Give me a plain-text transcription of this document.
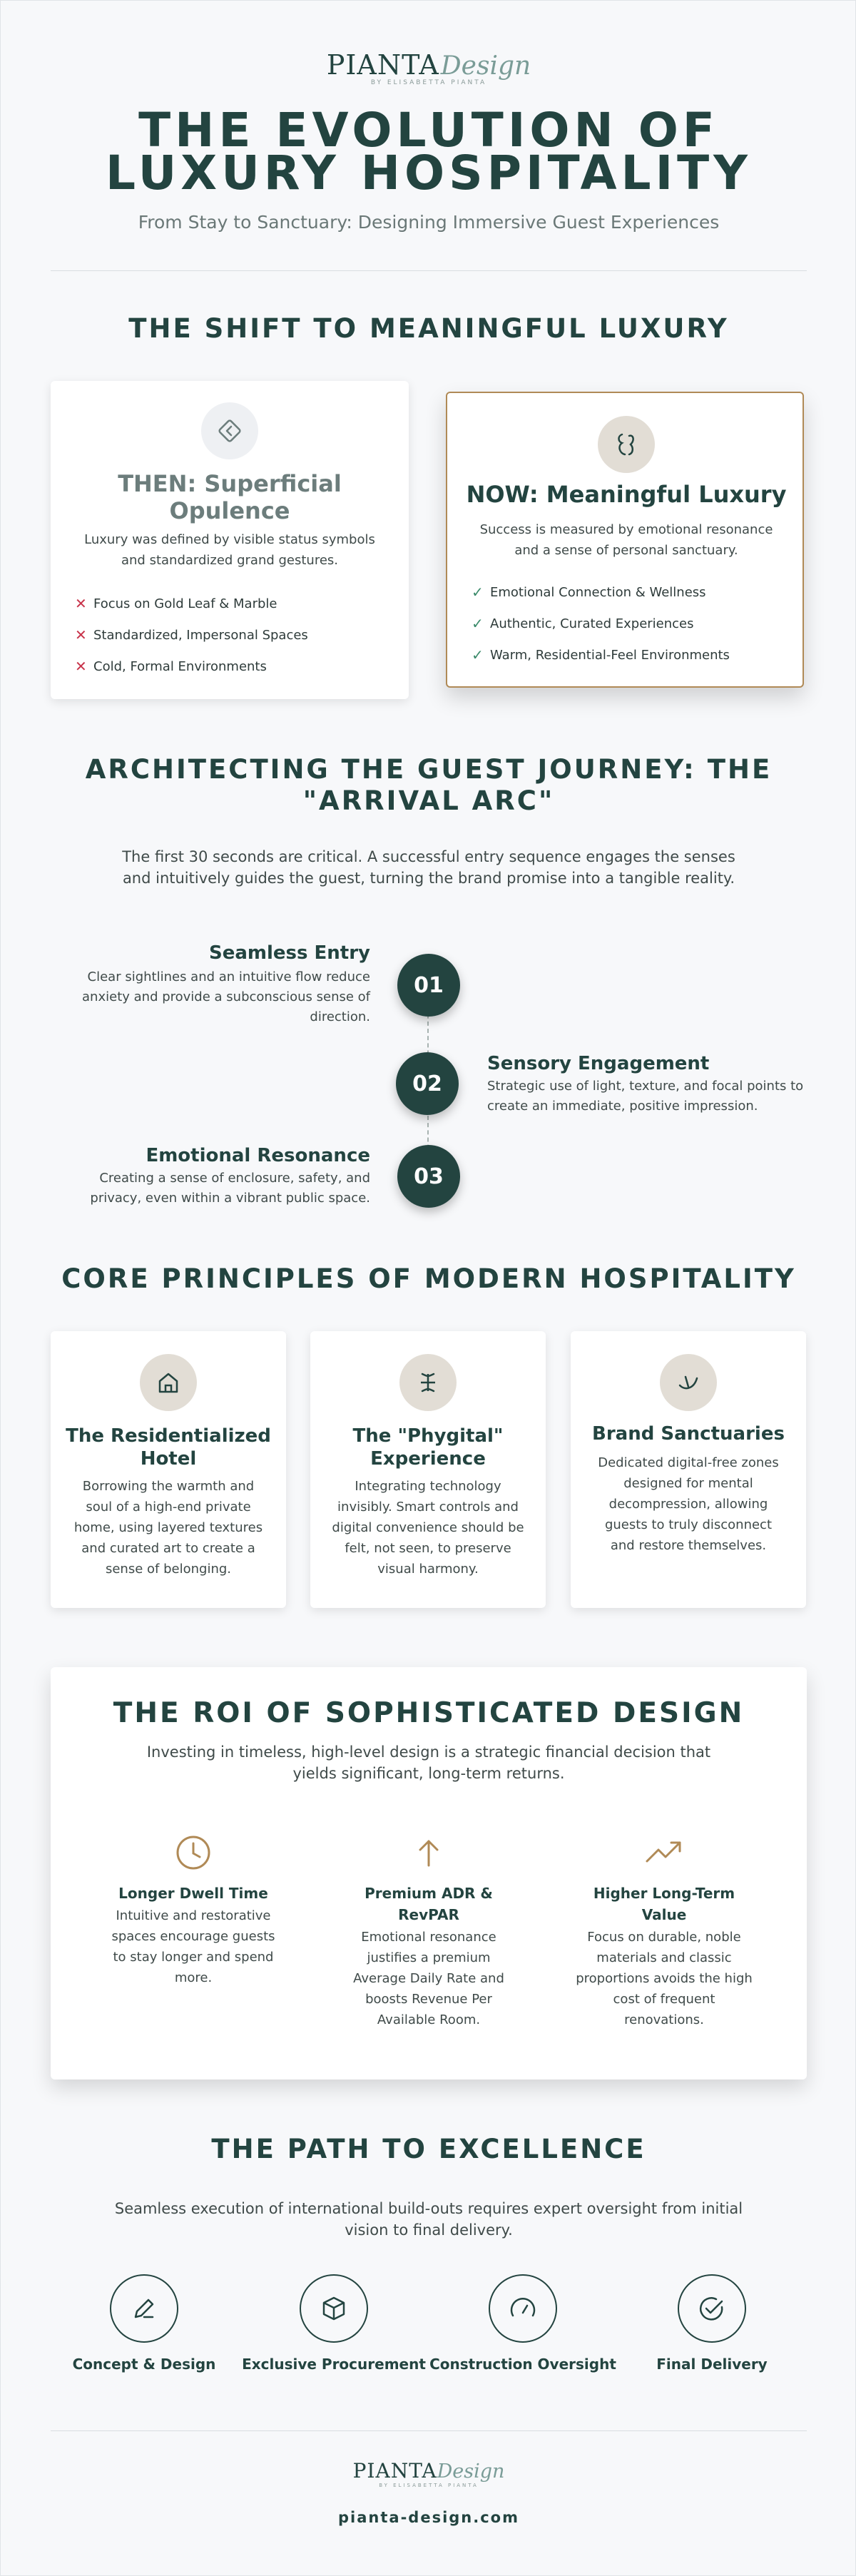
PIANTA Design
BY ELISABETTA PIANTA
THE EVOLUTION OF
LUXURY HOSPITALITY
From Stay to Sanctuary: Designing Immersive Guest Experiences
THE SHIFT TO MEANINGFUL LUXURY
THEN: Superficial Opulence
Luxury was defined by visible status symbols and standardized grand gestures.
✕ Focus on Gold Leaf & Marble
✕ Standardized, Impersonal Spaces
✕ Cold, Formal Environments
NOW: Meaningful Luxury
Success is measured by emotional resonance and a sense of personal sanctuary.
✓ Emotional Connection & Wellness
✓ Authentic, Curated Experiences
✓ Warm, Residential-Feel Environments
ARCHITECTING THE GUEST JOURNEY: THE
"ARRIVAL ARC"
The first 30 seconds are critical. A successful entry sequence engages the senses and intuitively guides the guest, turning the brand promise into a tangible reality.
Seamless Entry
Clear sightlines and an intuitive flow reduce anxiety and provide a subconscious sense of direction.
01
02
Sensory Engagement
Strategic use of light, texture, and focal points to create an immediate, positive impression.
Emotional Resonance
Creating a sense of enclosure, safety, and privacy, even within a vibrant public space.
03
CORE PRINCIPLES OF MODERN HOSPITALITY
The Residentialized Hotel
Borrowing the warmth and soul of a high-end private home, using layered textures and curated art to create a sense of belonging.
The "Phygital" Experience
Integrating technology invisibly. Smart controls and digital convenience should be felt, not seen, to preserve visual harmony.
Brand Sanctuaries
Dedicated digital-free zones designed for mental decompression, allowing guests to truly disconnect and restore themselves.
THE ROI OF SOPHISTICATED DESIGN
Investing in timeless, high-level design is a strategic financial decision that yields significant, long-term returns.
Longer Dwell Time
Intuitive and restorative spaces encourage guests to stay longer and spend more.
Premium ADR & RevPAR
Emotional resonance justifies a premium Average Daily Rate and boosts Revenue Per Available Room.
Higher Long-Term Value
Focus on durable, noble materials and classic proportions avoids the high cost of frequent renovations.
THE PATH TO EXCELLENCE
Seamless execution of international build-outs requires expert oversight from initial vision to final delivery.
Concept & Design	Exclusive Procurement Construction Oversight	Final Delivery
PIANTA Design
BY ELISABETTA PIANTA
pianta-design.com
